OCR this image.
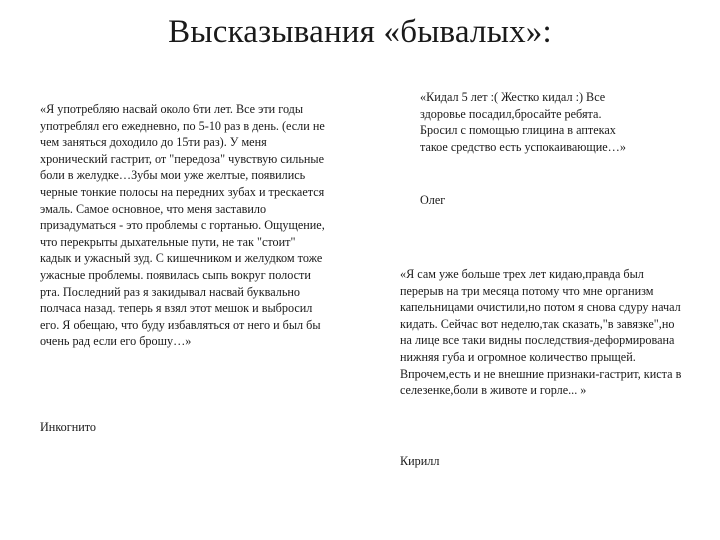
Высказывания «бывалых»:

«Я употребляю насвай около 6ти лет. Все эти годы употреблял его ежедневно, по 5-10 раз в день. (если не чем заняться доходило до 15ти раз). У меня хронический гастрит, от "передоза" чувствую сильные боли в желудке…Зубы мои уже желтые, появились черные тонкие полосы на передних зубах и трескается эмаль. Самое основное, что меня заставило призадуматься - это проблемы с гортанью. Ощущение, что перекрыты дыхательные пути, не так "стоит" кадык и ужасный зуд. С кишечником и желудком тоже ужасные проблемы. появилась сыпь вокруг полости рта. Последний раз я закидывал насвай буквально полчаса назад. теперь я взял этот мешок и выбросил его. Я обещаю, что буду избавляться от него и был бы очень рад если его брошу…»

Инкогнито

«Кидал 5 лет :( Жестко кидал :) Все здоровье посадил,бросайте ребята. Бросил с помощью глицина в аптеках такое средство есть успокаивающие…»

Олег

«Я сам уже больше трех лет кидаю,правда был перерыв на три месяца потому что мне организм капельницами очистили,но потом я снова сдуру начал кидать. Сейчас вот неделю,так сказать,"в завязке",но на лице все таки видны последствия-деформирована нижняя губа и огромное количество прыщей. Впрочем,есть и не внешние признаки-гастрит, киста в селезенке,боли в животе и горле... »

Кирилл
